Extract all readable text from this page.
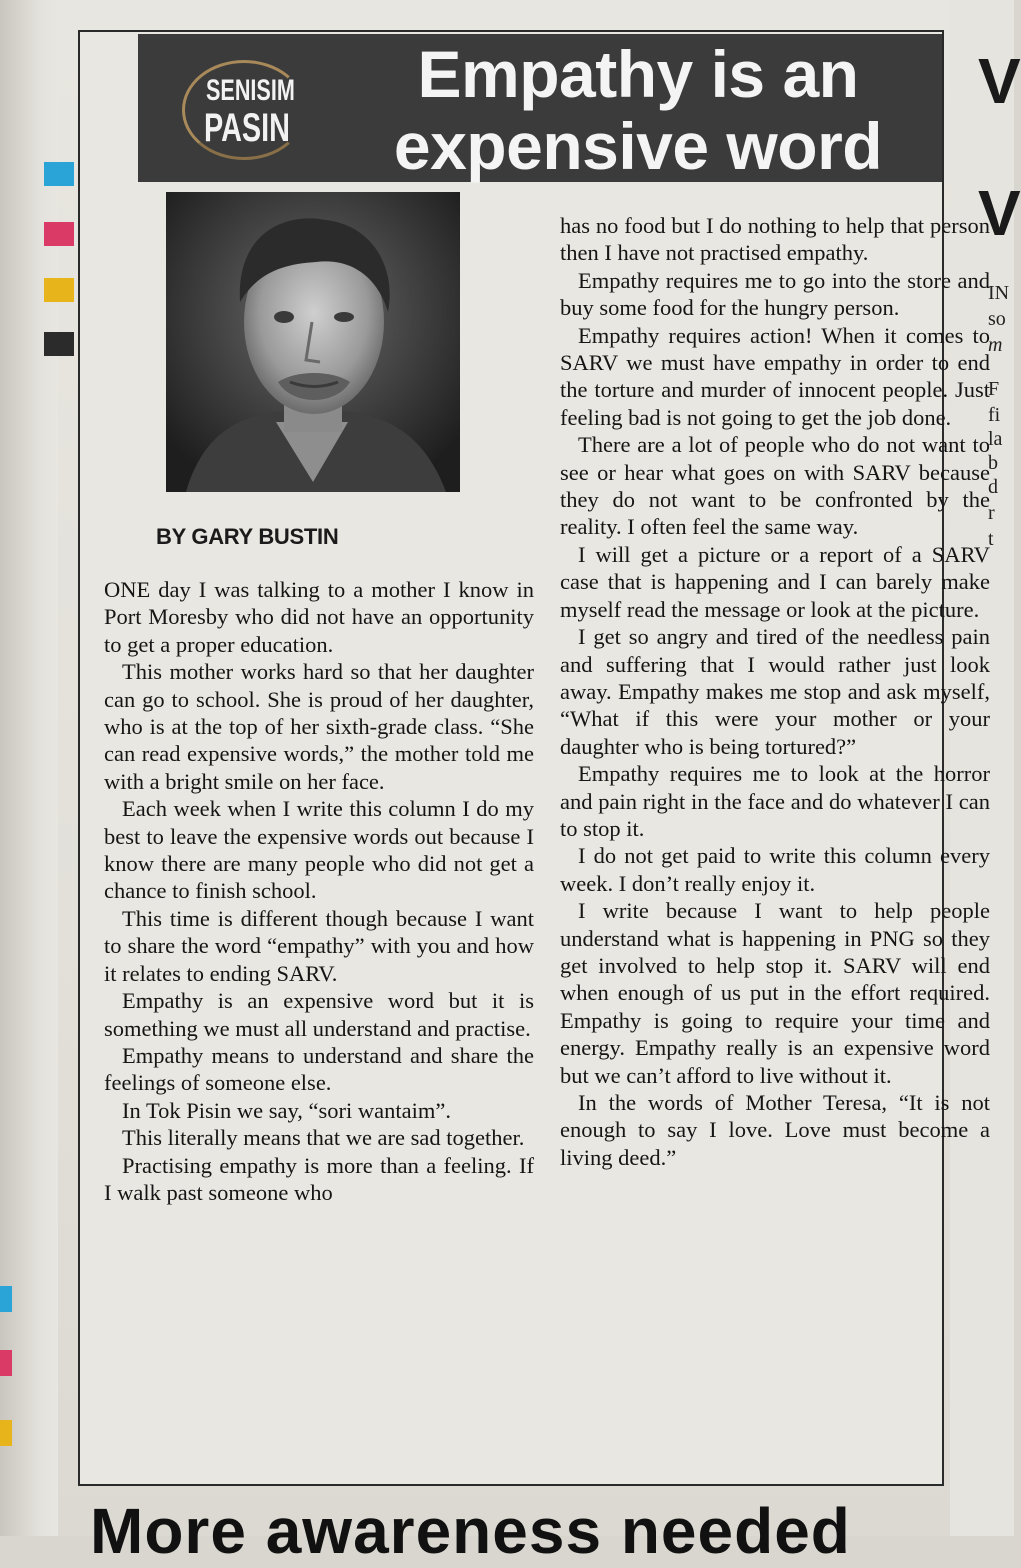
V
V
IN
so
m
F
fi
la
b
d
r
t
SENISIM
PASIN
Empathy is an
expensive word
BY GARY BUSTIN

ONE day I was talking to a mother I know in Port Moresby who did not have an opportunity to get a proper education.

This mother works hard so that her daughter can go to school. She is proud of her daughter, who is at the top of her sixth-grade class. “She can read expensive words,” the mother told me with a bright smile on her face.

Each week when I write this column I do my best to leave the expensive words out because I know there are many people who did not get a chance to finish school.

This time is different though because I want to share the word “empathy” with you and how it relates to ending SARV.

Empathy is an expensive word but it is something we must all understand and practise.

Empathy means to understand and share the feelings of someone else.

In Tok Pisin we say, “sori wantaim”.

This literally means that we are sad together.

Practising empathy is more than a feeling. If I walk past someone who

has no food but I do nothing to help that person then I have not practised empathy.

Empathy requires me to go into the store and buy some food for the hungry person.

Empathy requires action! When it comes to SARV we must have empathy in order to end the torture and murder of innocent people. Just feeling bad is not going to get the job done.

There are a lot of people who do not want to see or hear what goes on with SARV because they do not want to be confronted by the reality. I often feel the same way.

I will get a picture or a report of a SARV case that is happening and I can barely make myself read the message or look at the picture.

I get so angry and tired of the needless pain and suffering that I would rather just look away. Empathy makes me stop and ask myself, “What if this were your mother or your daughter who is being tortured?”

Empathy requires me to look at the horror and pain right in the face and do whatever I can to stop it.

I do not get paid to write this column every week. I don’t really enjoy it.

I write because I want to help people understand what is happening in PNG so they get involved to help stop it. SARV will end when enough of us put in the effort required. Empathy is going to require your time and energy. Empathy really is an expensive word but we can’t afford to live without it.

In the words of Mother Teresa, “It is not enough to say I love. Love must become a living deed.”

More awareness needed
